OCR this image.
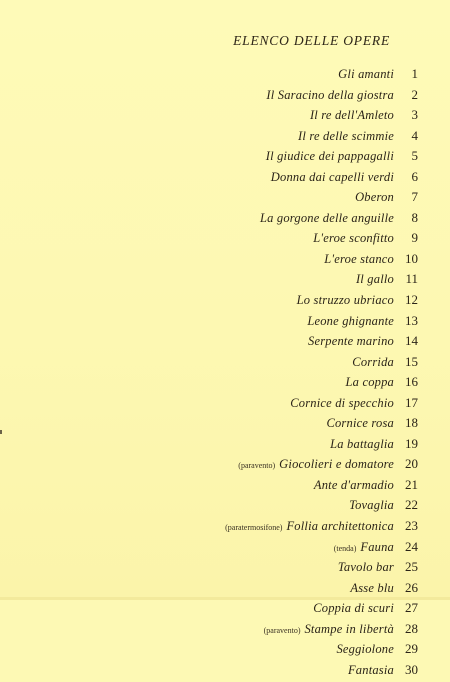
ELENCO DELLE OPERE
Gli amanti	1
Il Saracino della giostra	2
Il re dell'Amleto	3
Il re delle scimmie	4
Il giudice dei pappagalli	5
Donna dai capelli verdi	6
Oberon	7
La gorgone delle anguille	8
L'eroe sconfitto	9
L'eroe stanco 10
Il gallo 11
Lo struzzo ubriaco 12
Leone ghignante 13
Serpente marino 14
Corrida 15
La coppa 16
Cornice di specchio 17
Cornice rosa 18
La battaglia 19
(paravento) Giocolieri e domatore 20
Ante d'armadio 21
Tovaglia 22
(paratermosifone) Follia architettonica 23
(tenda) Fauna 24
Tavolo bar 25
Asse blu 26
Coppia di scuri 27
(paravento) Stampe in libertà 28
Seggiolone 29
Fantasia 30
